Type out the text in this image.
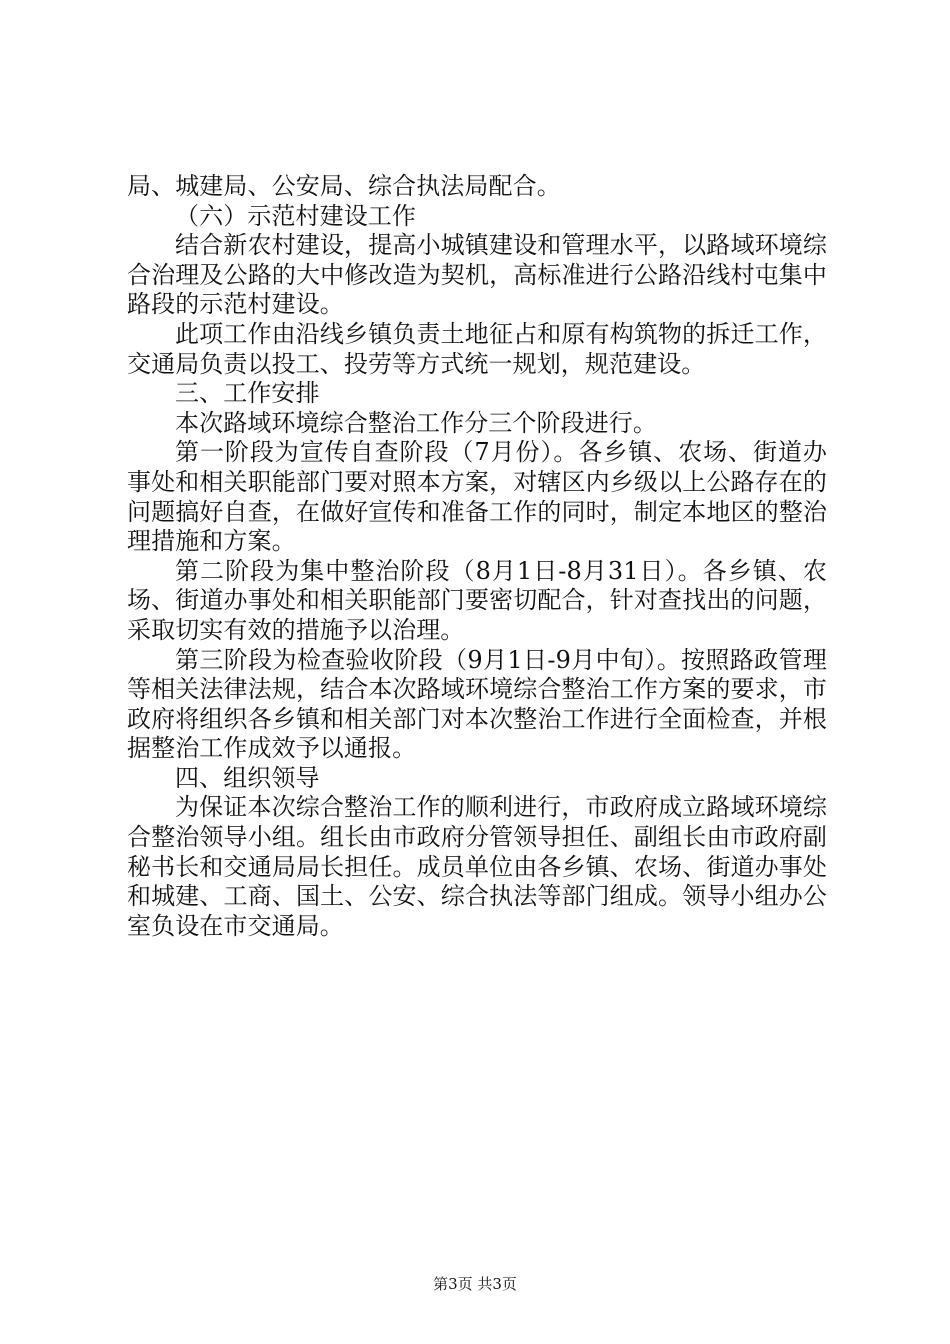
局、城建局、公安局、综合执法局配合。

（六）示范村建设工作

结合新农村建设，提高小城镇建设和管理水平，以路域环境综合治理及公路的大中修改造为契机，高标准进行公路沿线村屯集中路段的示范村建设。

此项工作由沿线乡镇负责土地征占和原有构筑物的拆迁工作，交通局负责以投工、投劳等方式统一规划，规范建设。

三、工作安排

本次路域环境综合整治工作分三个阶段进行。

第一阶段为宣传自查阶段（7月份）。各乡镇、农场、街道办事处和相关职能部门要对照本方案，对辖区内乡级以上公路存在的问题搞好自查，在做好宣传和准备工作的同时，制定本地区的整治理措施和方案。

第二阶段为集中整治阶段（8月1日-8月31日）。各乡镇、农场、街道办事处和相关职能部门要密切配合，针对查找出的问题，采取切实有效的措施予以治理。

第三阶段为检查验收阶段（9月1日-9月中旬）。按照路政管理等相关法律法规，结合本次路域环境综合整治工作方案的要求，市政府将组织各乡镇和相关部门对本次整治工作进行全面检查，并根据整治工作成效予以通报。

四、组织领导

为保证本次综合整治工作的顺利进行，市政府成立路域环境综合整治领导小组。组长由市政府分管领导担任、副组长由市政府副秘书长和交通局局长担任。成员单位由各乡镇、农场、街道办事处和城建、工商、国土、公安、综合执法等部门组成。领导小组办公室负设在市交通局。

第3页 共3页
